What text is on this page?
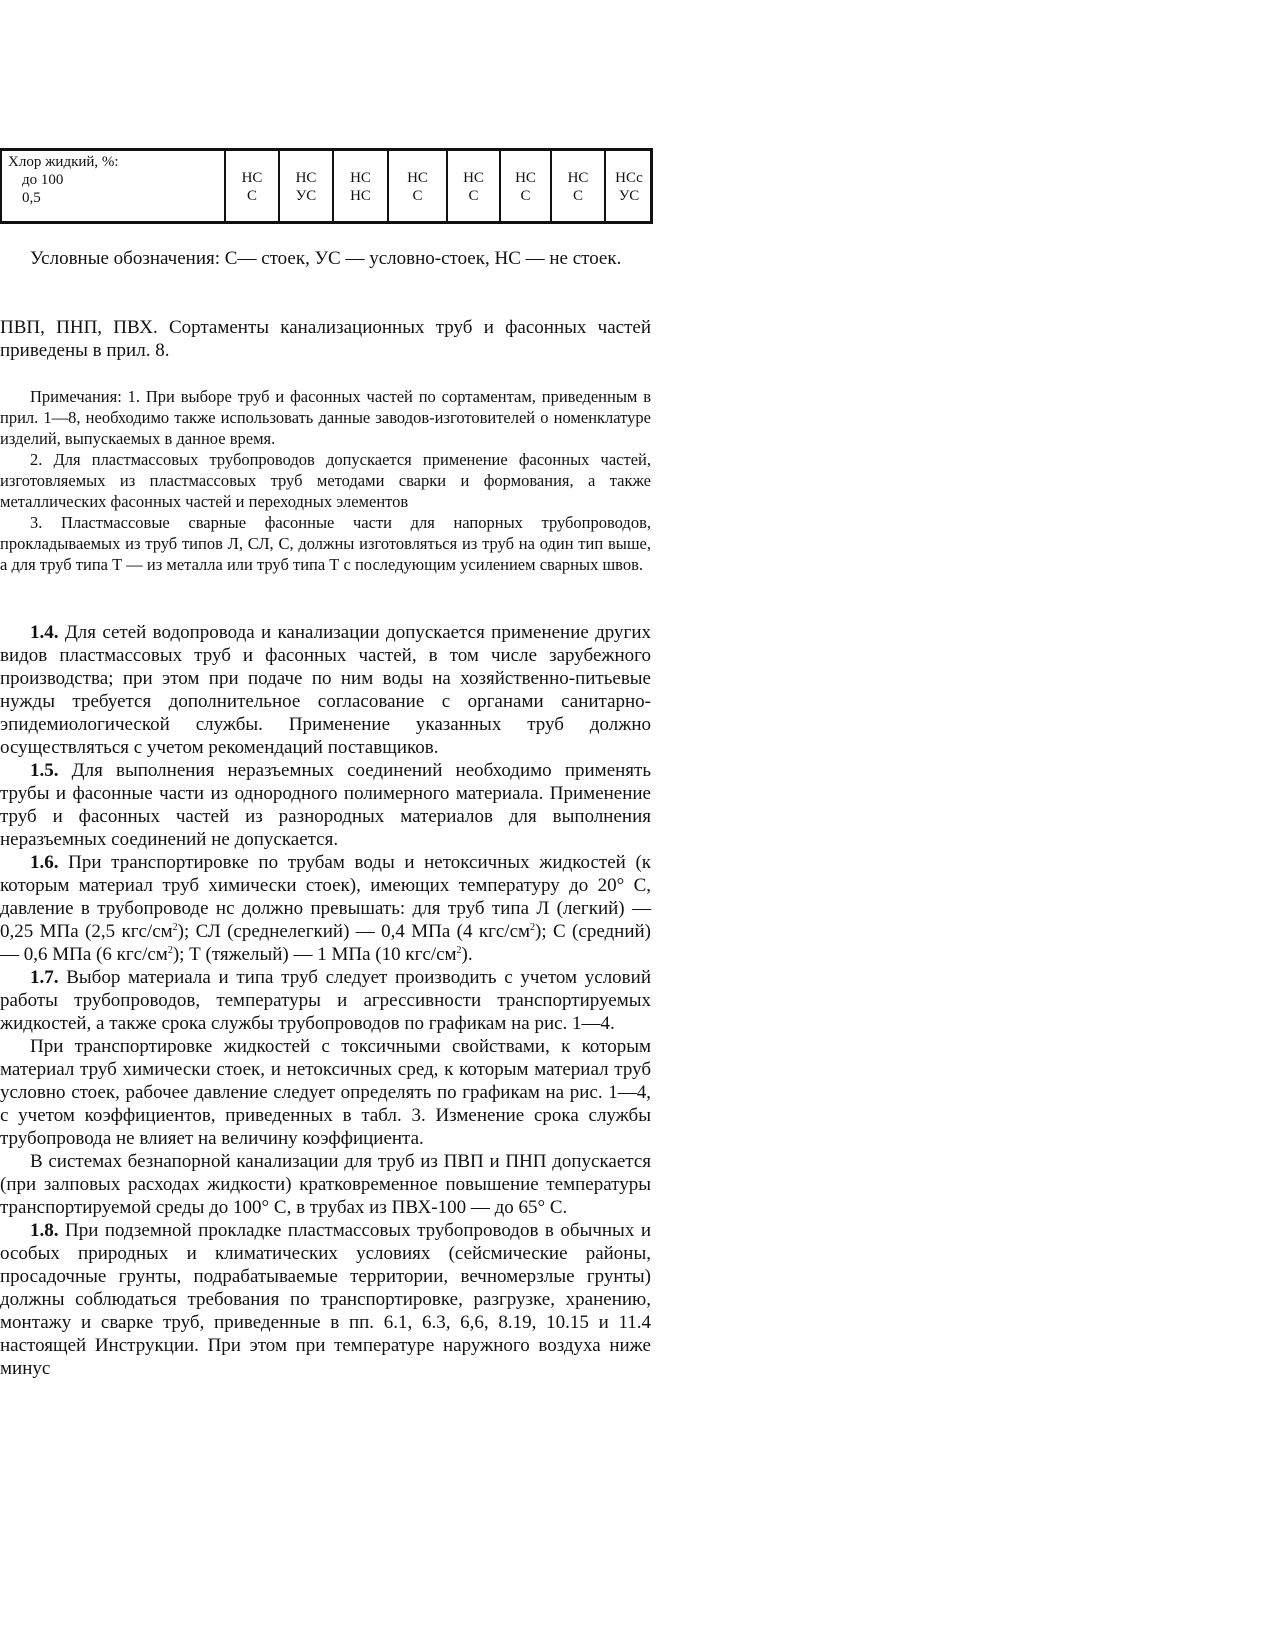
Хлор жидкий, %:
до 100
0,5
НС
С
НС
УС
НС
НС
НС
С
НС
С
НС
С
НС
С
НСс
УС

Условные обозначения: С— стоек, УС — условно-стоек, НС — не стоек.

ПВП, ПНП, ПВХ. Сортаменты канализационных труб и фасонных частей приведены в прил. 8.

Примечания: 1. При выборе труб и фасонных частей по сортаментам, приведенным в прил. 1—8, необходимо также использовать данные заводов-изготовителей о номенклатуре изделий, выпускаемых в данное время.

2. Для пластмассовых трубопроводов допускается применение фасонных частей, изготовляемых из пластмассовых труб методами сварки и формования, а также металлических фасонных частей и переходных элементов

3. Пластмассовые сварные фасонные части для напорных трубопроводов, прокладываемых из труб типов Л, СЛ, С, должны изготовляться из труб на один тип выше, а для труб типа Т — из металла или труб типа Т с последующим усилением сварных швов.

1.4. Для сетей водопровода и канализации допускается применение других видов пластмассовых труб и фасонных частей, в том числе зарубежного производства; при этом при подаче по ним воды на хозяйственно-питьевые нужды требуется дополнительное согласование с органами санитарно-эпидемиологической службы. Применение указанных труб должно осуществляться с учетом рекомендаций поставщиков.

1.5. Для выполнения неразъемных соединений необходимо применять трубы и фасонные части из однородного полимерного материала. Применение труб и фасонных частей из разнородных материалов для выполнения неразъемных соединений не допускается.

1.6. При транспортировке по трубам воды и нетоксичных жидкостей (к которым материал труб химически стоек), имеющих температуру до 20° С, давление в трубопроводе нс должно превышать: для труб типа Л (легкий) — 0,25 МПа (2,5 кгс/$см^2$); СЛ (среднелегкий) — 0,4 МПа (4 кгс/$см^2$); С (средний) — 0,6 МПа (6 кгс/$см^2$); Т (тяжелый) — 1 МПа (10 кгс/$см^2$).

1.7. Выбор материала и типа труб следует производить с учетом условий работы трубопроводов, температуры и агрессивности транспортируемых жидкостей, а также срока службы трубопроводов по графикам на рис. 1—4.

При транспортировке жидкостей с токсичными свойствами, к которым материал труб химически стоек, и нетоксичных сред, к которым материал труб условно стоек, рабочее давление следует определять по графикам на рис. 1—4, с учетом коэффициентов, приведенных в табл. 3. Изменение срока службы трубопровода не влияет на величину коэффициента.

В системах безнапорной канализации для труб из ПВП и ПНП допускается (при залповых расходах жидкости) кратковременное повышение температуры транспортируемой среды до 100° С, в трубах из ПВХ-100 — до 65° С.

1.8. При подземной прокладке пластмассовых трубопроводов в обычных и особых природных и климатических условиях (сейсмические районы, просадочные грунты, подрабатываемые территории, вечномерзлые грунты) должны соблюдаться требования по транспортировке, разгрузке, хранению, монтажу и сварке труб, приведенные в пп. 6.1, 6.3, 6,6, 8.19, 10.15 и 11.4 настоящей Инструкции. При этом при температуре наружного воздуха ниже минус
